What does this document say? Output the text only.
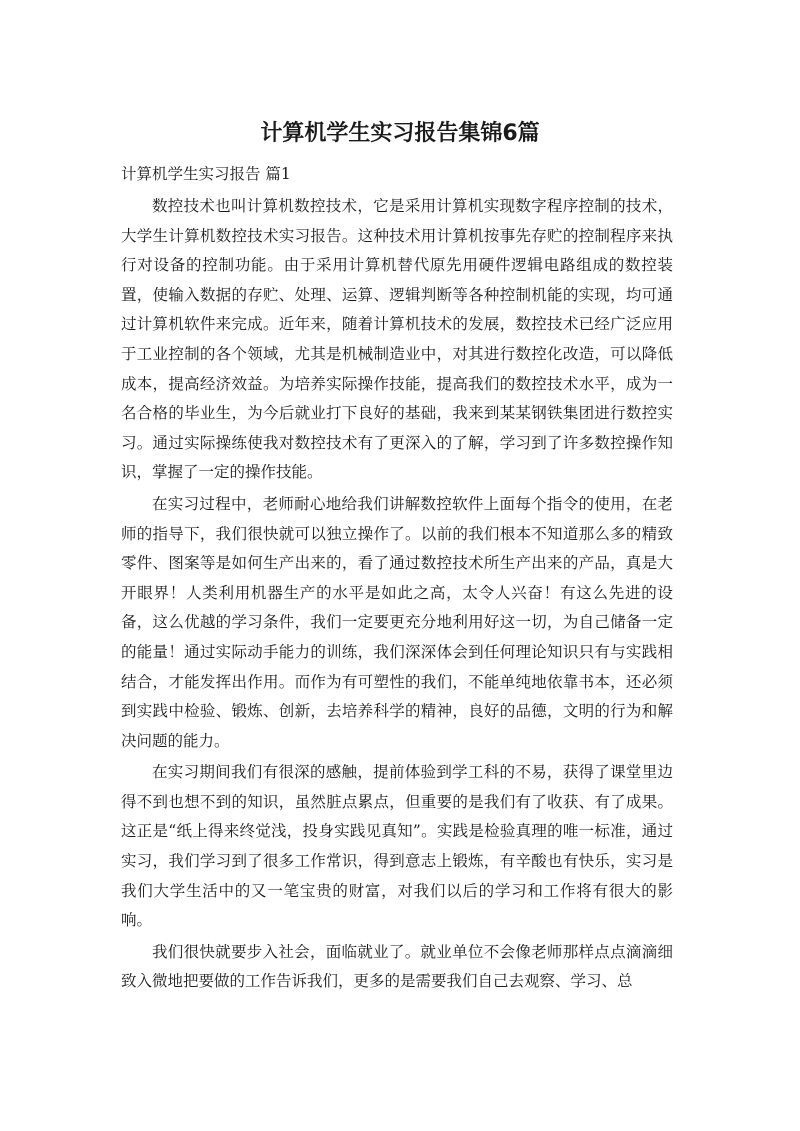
计算机学生实习报告集锦6篇
计算机学生实习报告 篇1

数控技术也叫计算机数控技术，它是采用计算机实现数字程序控制的技术，大学生计算机数控技术实习报告。这种技术用计算机按事先存贮的控制程序来执行对设备的控制功能。由于采用计算机替代原先用硬件逻辑电路组成的数控装置，使输入数据的存贮、处理、运算、逻辑判断等各种控制机能的实现，均可通过计算机软件来完成。近年来，随着计算机技术的发展，数控技术已经广泛应用于工业控制的各个领域，尤其是机械制造业中，对其进行数控化改造，可以降低成本，提高经济效益。为培养实际操作技能，提高我们的数控技术水平，成为一名合格的毕业生，为今后就业打下良好的基础，我来到某某钢铁集团进行数控实习。通过实际操练使我对数控技术有了更深入的了解，学习到了许多数控操作知识，掌握了一定的操作技能。

在实习过程中，老师耐心地给我们讲解数控软件上面每个指令的使用，在老师的指导下，我们很快就可以独立操作了。以前的我们根本不知道那么多的精致零件、图案等是如何生产出来的，看了通过数控技术所生产出来的产品，真是大开眼界！人类利用机器生产的水平是如此之高，太令人兴奋！有这么先进的设备，这么优越的学习条件，我们一定要更充分地利用好这一切，为自己储备一定的能量！通过实际动手能力的训练，我们深深体会到任何理论知识只有与实践相结合，才能发挥出作用。而作为有可塑性的我们，不能单纯地依靠书本，还必须到实践中检验、锻炼、创新，去培养科学的精神，良好的品德，文明的行为和解决问题的能力。

在实习期间我们有很深的感触，提前体验到学工科的不易，获得了课堂里边得不到也想不到的知识，虽然脏点累点，但重要的是我们有了收获、有了成果。这正是“纸上得来终觉浅，投身实践见真知”。实践是检验真理的唯一标准，通过实习，我们学习到了很多工作常识，得到意志上锻炼，有辛酸也有快乐，实习是我们大学生活中的又一笔宝贵的财富，对我们以后的学习和工作将有很大的影响。

我们很快就要步入社会，面临就业了。就业单位不会像老师那样点点滴滴细致入微地把要做的工作告诉我们，更多的是需要我们自己去观察、学习、总
